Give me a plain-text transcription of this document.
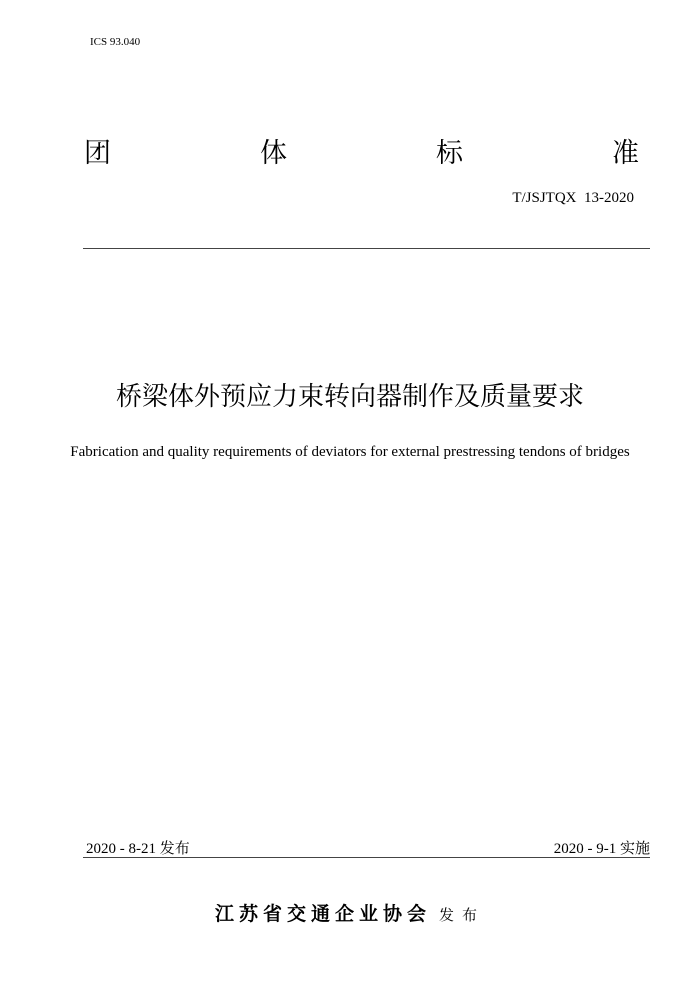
ICS 93.040
团	体	标	准
T/JSJTQX  13-2020
桥梁体外预应力束转向器制作及质量要求
Fabrication and quality requirements of deviators for external prestressing tendons of bridges
2020 - 8-21 发布	2020 - 9-1 实施
江苏省交通企业协会 发布
